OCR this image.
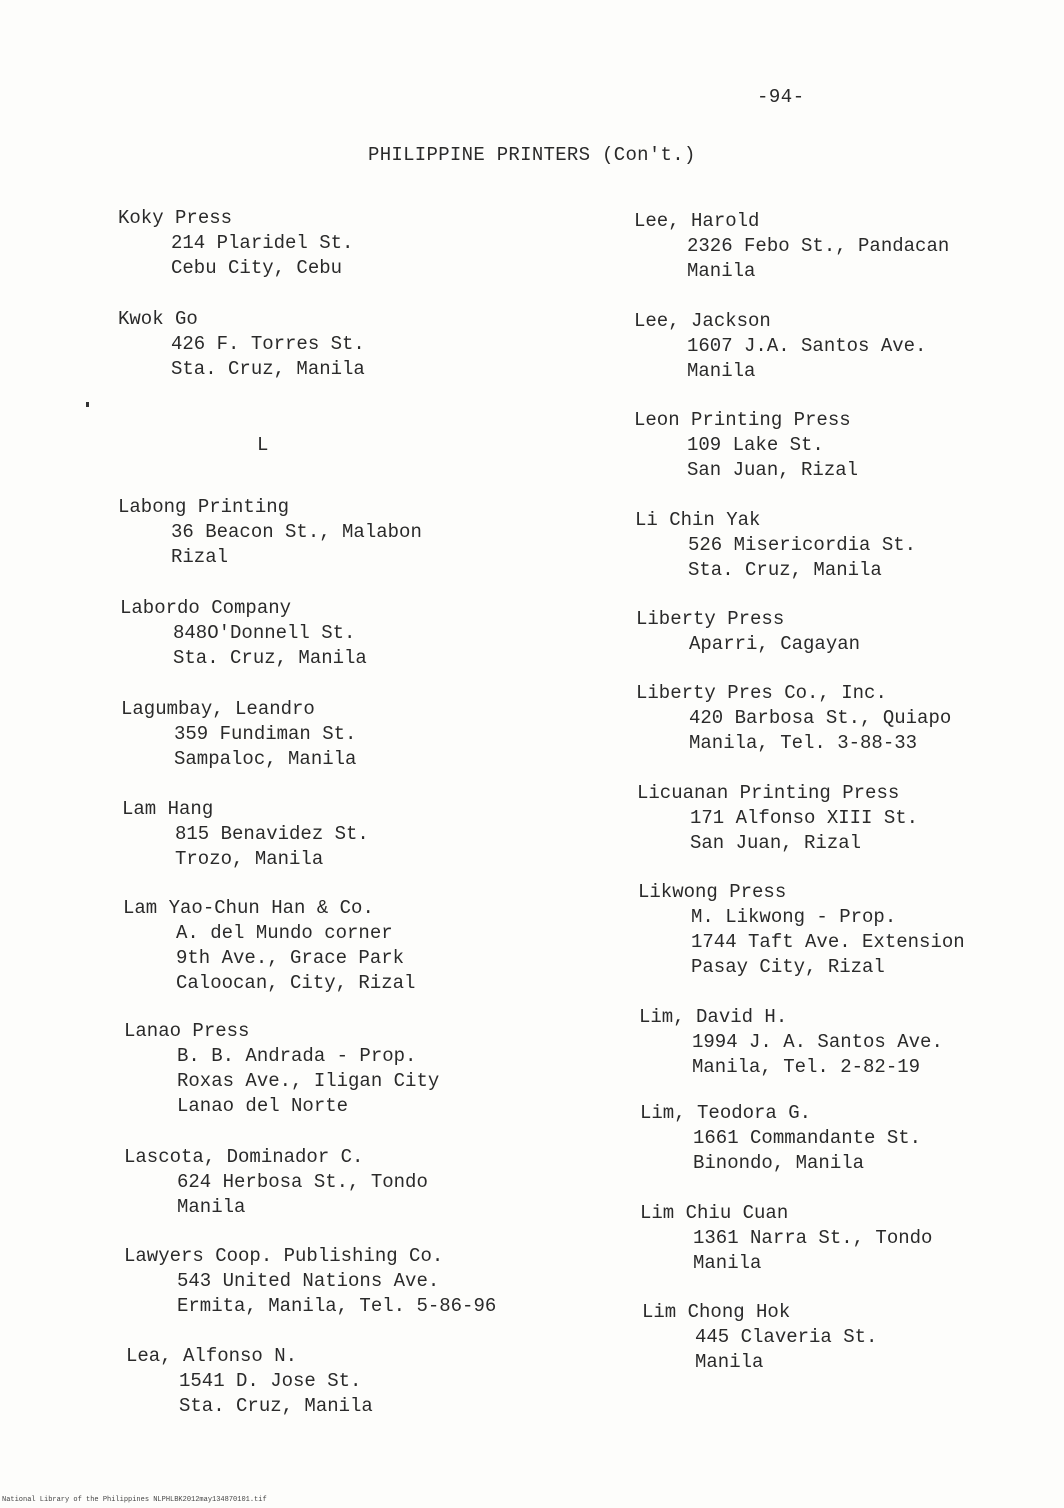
-94-
PHILIPPINE PRINTERS (Con't.)
L
Koky Press
214 Plaridel St.
Cebu City, Cebu
Kwok Go
426 F. Torres St.
Sta. Cruz, Manila
Labong Printing
36 Beacon St., Malabon
Rizal
Labordo Company
848O'Donnell St.
Sta. Cruz, Manila
Lagumbay, Leandro
359 Fundiman St.
Sampaloc, Manila
Lam Hang
815 Benavidez St.
Trozo, Manila
Lam Yao-Chun Han & Co.
A. del Mundo corner
9th Ave., Grace Park
Caloocan, City, Rizal
Lanao Press
B. B. Andrada - Prop.
Roxas Ave., Iligan City
Lanao del Norte
Lascota, Dominador C.
624 Herbosa St., Tondo
Manila
Lawyers Coop. Publishing Co.
543 United Nations Ave.
Ermita, Manila, Tel. 5-86-96
Lea, Alfonso N.
1541 D. Jose St.
Sta. Cruz, Manila
Lee, Harold
2326 Febo St., Pandacan
Manila
Lee, Jackson
1607 J.A. Santos Ave.
Manila
Leon Printing Press
109 Lake St.
San Juan, Rizal
Li Chin Yak
526 Misericordia St.
Sta. Cruz, Manila
Liberty Press
Aparri, Cagayan
Liberty Pres Co., Inc.
420 Barbosa St., Quiapo
Manila, Tel. 3-88-33
Licuanan Printing Press
171 Alfonso XIII St.
San Juan, Rizal
Likwong Press
M. Likwong - Prop.
1744 Taft Ave. Extension
Pasay City, Rizal
Lim, David H.
1994 J. A. Santos Ave.
Manila, Tel. 2-82-19
Lim, Teodora G.
1661 Commandante St.
Binondo, Manila
Lim Chiu Cuan
1361 Narra St., Tondo
Manila
Lim Chong Hok
445 Claveria St.
Manila
National Library of the Philippines NLPHLBK2012may134870101.tif
